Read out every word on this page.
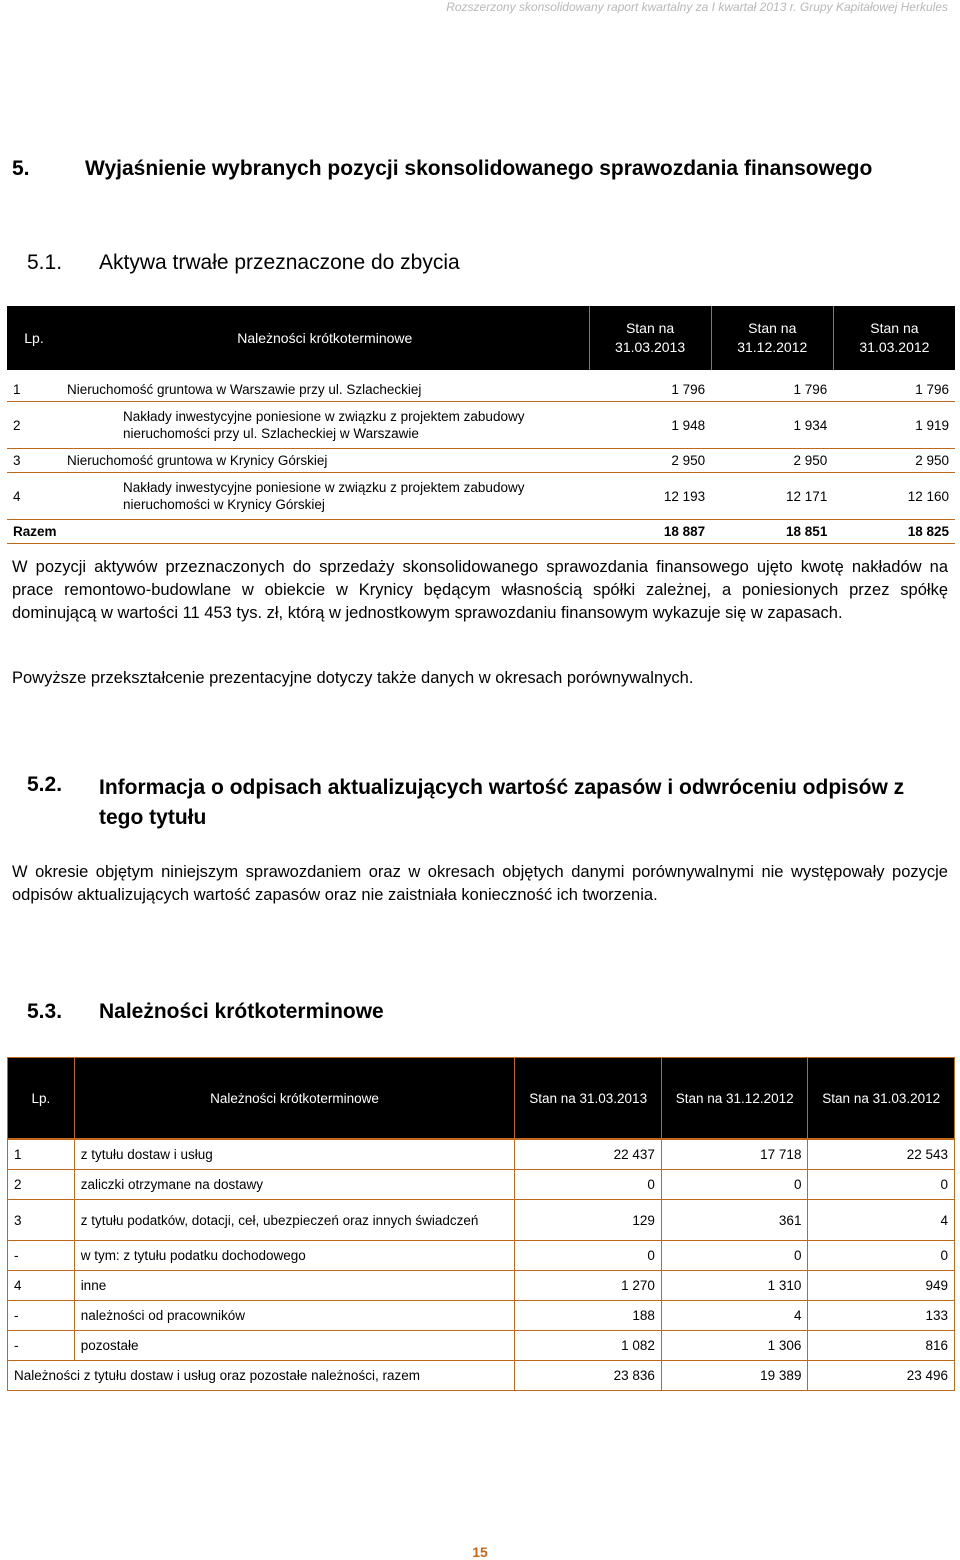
Rozszerzony skonsolidowany raport kwartalny za I kwartał 2013 r. Grupy Kapitałowej Herkules
5.	Wyjaśnienie wybranych pozycji skonsolidowanego sprawozdania finansowego
5.1. Aktywa trwałe przeznaczone do zbycia
Lp.	Należności krótkoterminowe	Stan na 31.03.2013	Stan na 31.12.2012	Stan na 31.03.2012

1	Nieruchomość gruntowa w Warszawie przy ul. Szlacheckiej	1 796	1 796	1 796
2	Nakłady inwestycyjne poniesione w związku z projektem zabudowy nieruchomości przy ul. Szlacheckiej w Warszawie	1 948	1 934	1 919
3	Nieruchomość gruntowa w Krynicy Górskiej	2 950	2 950	2 950
4	Nakłady inwestycyjne poniesione w związku z projektem zabudowy nieruchomości w Krynicy Górskiej	12 193	12 171	12 160
Razem		18 887	18 851	18 825
W pozycji aktywów przeznaczonych do sprzedaży skonsolidowanego sprawozdania finansowego ujęto kwotę nakładów na prace remontowo-budowlane w obiekcie w Krynicy będącym własnością spółki zależnej, a poniesionych przez spółkę dominującą w wartości 11 453 tys. zł, którą w jednostkowym sprawozdaniu finansowym wykazuje się w zapasach.
Powyższe przekształcenie prezentacyjne dotyczy także danych w okresach porównywalnych.
5.2. Informacja o odpisach aktualizujących wartość zapasów i odwróceniu odpisów z tego tytułu
W okresie objętym niniejszym sprawozdaniem oraz w okresach objętych danymi porównywalnymi nie występowały pozycje odpisów aktualizujących wartość zapasów oraz nie zaistniała konieczność ich tworzenia.
5.3. Należności krótkoterminowe
Lp.	Należności krótkoterminowe	Stan na 31.03.2013	Stan na 31.12.2012	Stan na 31.03.2012

1	z tytułu dostaw i usług	22 437	17 718	22 543
2	zaliczki otrzymane na dostawy	0	0	0
3	z tytułu podatków, dotacji, ceł, ubezpieczeń oraz innych świadczeń	129	361	4
-	w tym: z tytułu podatku dochodowego	0	0	0
4	inne	1 270	1 310	949
-	należności od pracowników	188	4	133
-	pozostałe	1 082	1 306	816
Należności z tytułu dostaw i usług oraz pozostałe należności, razem		23 836	19 389	23 496
15
